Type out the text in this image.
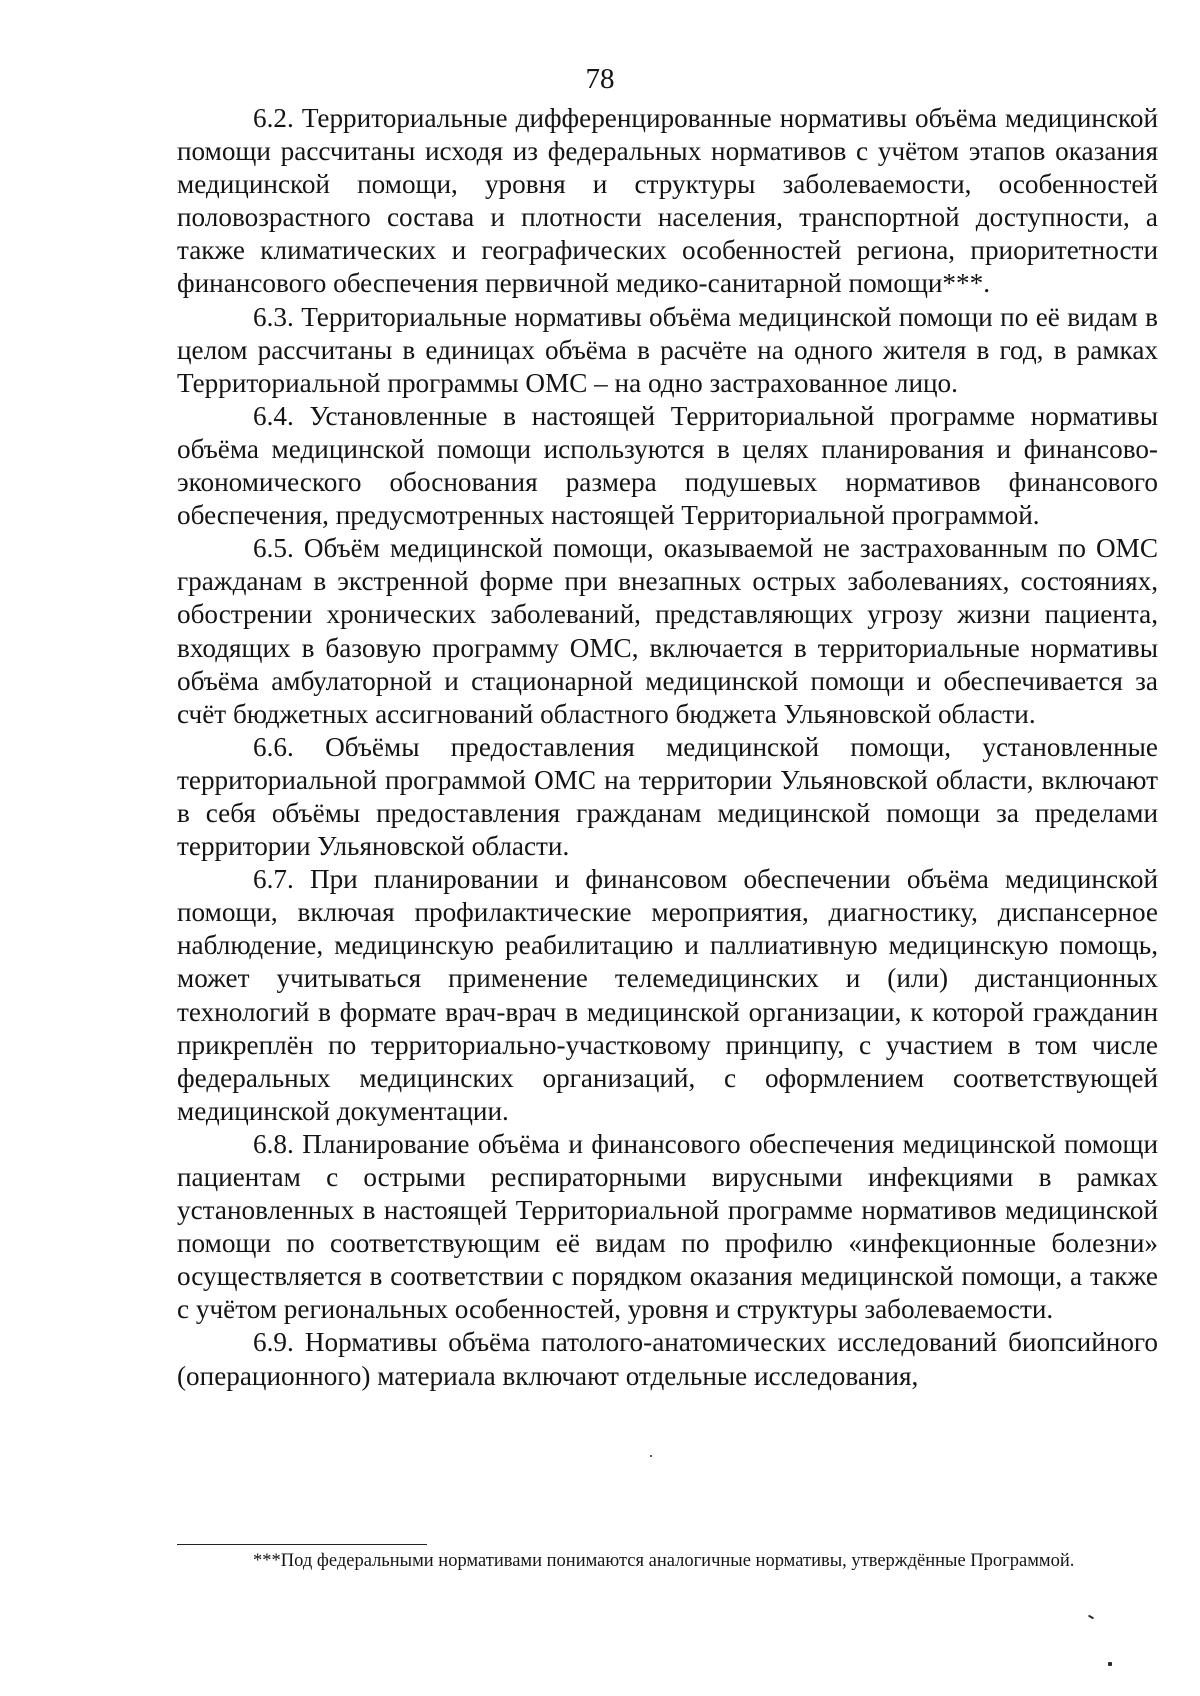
78

6.2. Территориальные дифференцированные нормативы объёма медицинской помощи рассчитаны исходя из федеральных нормативов с учётом этапов оказания медицинской помощи, уровня и структуры заболеваемости, особенностей половозрастного состава и плотности населения, транспортной доступности, а также климатических и географических особенностей региона, приоритетности финансового обеспечения первичной медико-санитарной помощи***.

6.3. Территориальные нормативы объёма медицинской помощи по её видам в целом рассчитаны в единицах объёма в расчёте на одного жителя в год, в рамках Территориальной программы ОМС – на одно застрахованное лицо.

6.4. Установленные в настоящей Территориальной программе нормативы объёма медицинской помощи используются в целях планирования и финансово-экономического обоснования размера подушевых нормативов финансового обеспечения, предусмотренных настоящей Территориальной программой.

6.5. Объём медицинской помощи, оказываемой не застрахованным по ОМС гражданам в экстренной форме при внезапных острых заболеваниях, состояниях, обострении хронических заболеваний, представляющих угрозу жизни пациента, входящих в базовую программу ОМС, включается в территориальные нормативы объёма амбулаторной и стационарной медицинской помощи и обеспечивается за счёт бюджетных ассигнований областного бюджета Ульяновской области.

6.6. Объёмы предоставления медицинской помощи, установленные территориальной программой ОМС на территории Ульяновской области, включают в себя объёмы предоставления гражданам медицинской помощи за пределами территории Ульяновской области.

6.7. При планировании и финансовом обеспечении объёма медицинской помощи, включая профилактические мероприятия, диагностику, диспансерное наблюдение, медицинскую реабилитацию и паллиативную медицинскую помощь, может учитываться применение телемедицинских и (или) дистанционных технологий в формате врач-врач в медицинской организации, к которой гражданин прикреплён по территориально-участковому принципу, с участием в том числе федеральных медицинских организаций, с оформлением соответствующей медицинской документации.

6.8. Планирование объёма и финансового обеспечения медицинской помощи пациентам с острыми респираторными вирусными инфекциями в рамках установленных в настоящей Территориальной программе нормативов медицинской помощи по соответствующим её видам по профилю «инфекционные болезни» осуществляется в соответствии с порядком оказания медицинской помощи, а также с учётом региональных особенностей, уровня и структуры заболеваемости.

6.9. Нормативы объёма патолого-анатомических исследований биопсийного (операционного) материала включают отдельные исследования,

***Под федеральными нормативами понимаются аналогичные нормативы, утверждённые Программой.
